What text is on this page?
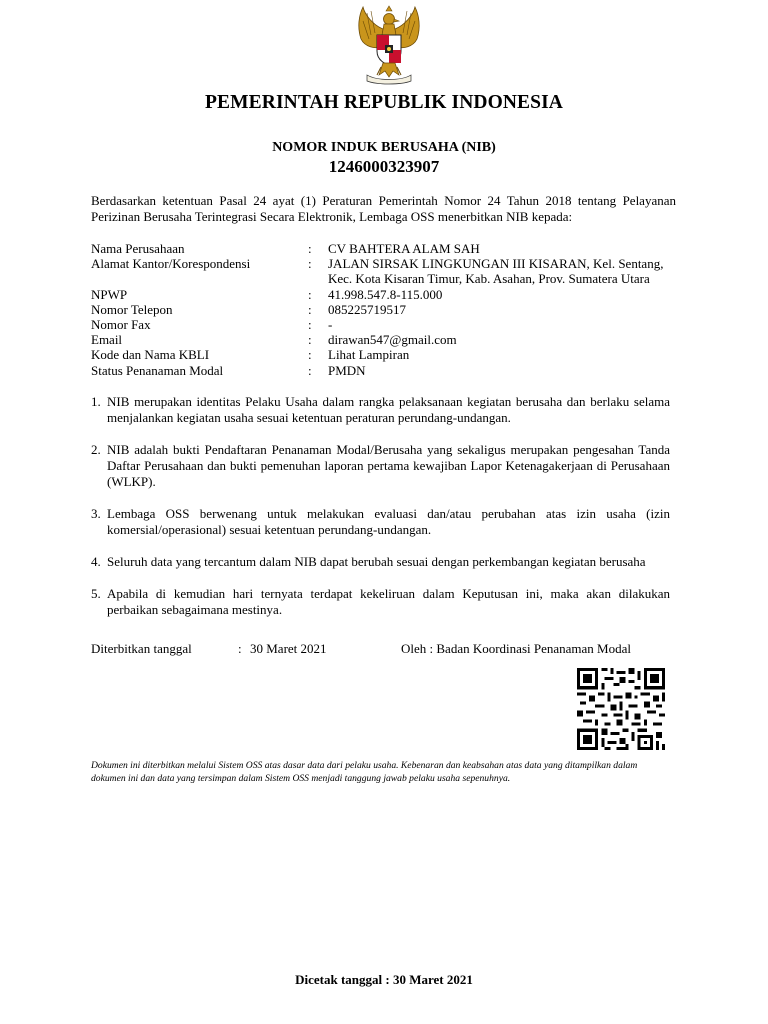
PEMERINTAH REPUBLIK INDONESIA
NOMOR INDUK BERUSAHA (NIB)
1246000323907
Berdasarkan ketentuan Pasal 24 ayat (1) Peraturan Pemerintah Nomor 24 Tahun 2018 tentang Pelayanan Perizinan Berusaha Terintegrasi Secara Elektronik, Lembaga OSS menerbitkan NIB kepada:
Nama Perusahaan	:	CV BAHTERA ALAM SAH
Alamat Kantor/Korespondensi	:	JALAN SIRSAK LINGKUNGAN III KISARAN, Kel. Sentang, Kec. Kota Kisaran Timur, Kab. Asahan, Prov. Sumatera Utara
NPWP	:	41.998.547.8-115.000
Nomor Telepon	:	085225719517
Nomor Fax	:	-
Email	:	dirawan547@gmail.com
Kode dan Nama KBLI	:	Lihat Lampiran
Status Penanaman Modal	:	PMDN
1. NIB merupakan identitas Pelaku Usaha dalam rangka pelaksanaan kegiatan berusaha dan berlaku selama menjalankan kegiatan usaha sesuai ketentuan peraturan perundang-undangan.
2. NIB adalah bukti Pendaftaran Penanaman Modal/Berusaha yang sekaligus merupakan pengesahan Tanda Daftar Perusahaan dan bukti pemenuhan laporan pertama kewajiban Lapor Ketenagakerjaan di Perusahaan (WLKP).
3. Lembaga OSS berwenang untuk melakukan evaluasi dan/atau perubahan atas izin usaha (izin komersial/operasional) sesuai ketentuan perundang-undangan.
4. Seluruh data yang tercantum dalam NIB dapat berubah sesuai dengan perkembangan kegiatan berusaha
5. Apabila di kemudian hari ternyata terdapat kekeliruan dalam Keputusan ini, maka akan dilakukan perbaikan sebagaimana mestinya.
Diterbitkan tanggal	: 30 Maret 2021	Oleh : Badan Koordinasi Penanaman Modal
Dokumen ini diterbitkan melalui Sistem OSS atas dasar data dari pelaku usaha. Kebenaran dan keabsahan atas data yang ditampilkan dalam dokumen ini dan data yang tersimpan dalam Sistem OSS menjadi tanggung jawab pelaku usaha sepenuhnya.
Dicetak tanggal : 30 Maret 2021
